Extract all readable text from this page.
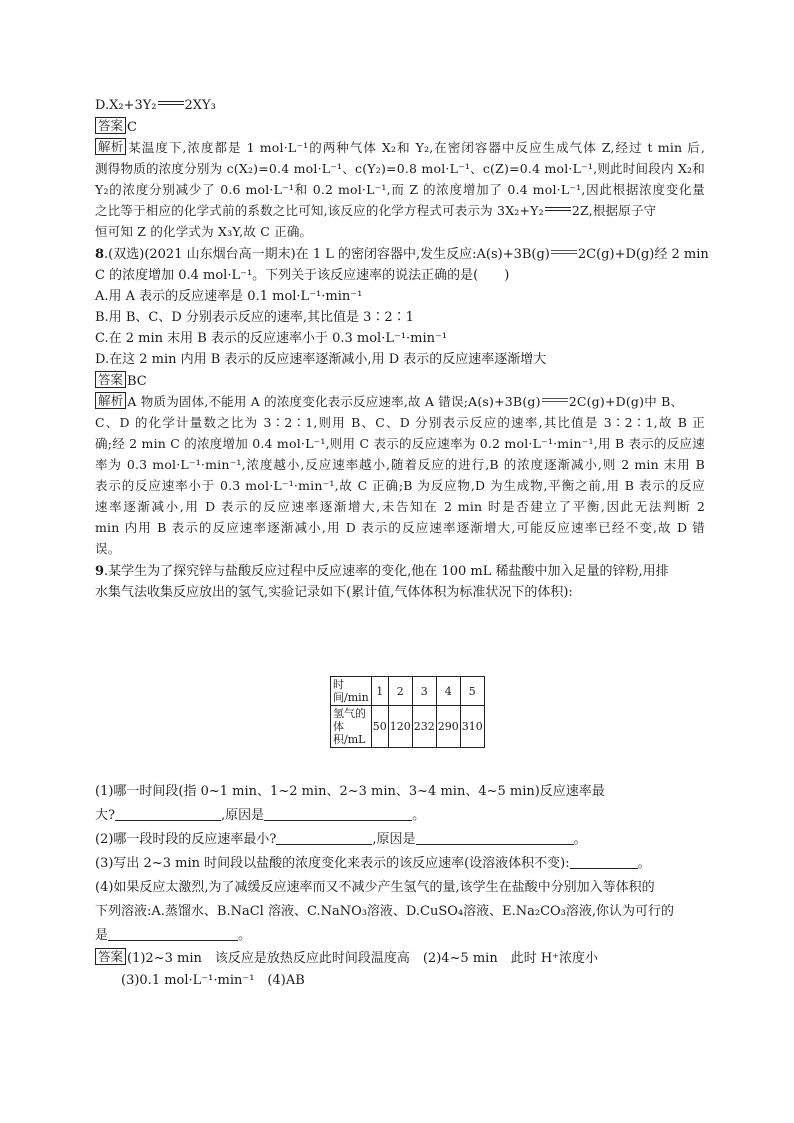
D.X₂+3Y₂ 2XY₃
答案 C
解析 某温度下,浓度都是 1 mol·L⁻¹的两种气体 X₂和 Y₂,在密闭容器中反应生成气体 Z,经过 t min 后,
测得物质的浓度分别为 c(X₂)=0.4 mol·L⁻¹、c(Y₂)=0.8 mol·L⁻¹、c(Z)=0.4 mol·L⁻¹,则此时间段内 X₂和
Y₂的浓度分别减少了 0.6 mol·L⁻¹和 0.2 mol·L⁻¹,而 Z 的浓度增加了 0.4 mol·L⁻¹,因此根据浓度变化量
之比等于相应的化学式前的系数之比可知,该反应的化学方程式可表示为 3X₂+Y₂ 2Z,根据原子守
恒可知 Z 的化学式为 X₃Y,故 C 正确。
8.(双选)(2021 山东烟台高一期末)在 1 L 的密闭容器中,发生反应:A(s)+3B(g) 2C(g)+D(g)经 2 min
C 的浓度增加 0.4 mol·L⁻¹。下列关于该反应速率的说法正确的是(　　)
A.用 A 表示的反应速率是 0.1 mol·L⁻¹·min⁻¹
B.用 B、C、D 分别表示反应的速率,其比值是 3∶2∶1
C.在 2 min 末用 B 表示的反应速率小于 0.3 mol·L⁻¹·min⁻¹
D.在这 2 min 内用 B 表示的反应速率逐渐减小,用 D 表示的反应速率逐渐增大
答案 BC
解析 A 物质为固体,不能用 A 的浓度变化表示反应速率,故 A 错误;A(s)+3B(g) 2C(g)+D(g)中 B、
C、D 的化学计量数之比为 3∶2∶1,则用 B、C、D 分别表示反应的速率,其比值是 3∶2∶1,故 B 正
确;经 2 min C 的浓度增加 0.4 mol·L⁻¹,则用 C 表示的反应速率为 0.2 mol·L⁻¹·min⁻¹,用 B 表示的反应速
率为 0.3 mol·L⁻¹·min⁻¹,浓度越小,反应速率越小,随着反应的进行,B 的浓度逐渐减小,则 2 min 末用 B
表示的反应速率小于 0.3 mol·L⁻¹·min⁻¹,故 C 正确;B 为反应物,D 为生成物,平衡之前,用 B 表示的反应
速率逐渐减小,用 D 表示的反应速率逐渐增大,未告知在 2 min 时是否建立了平衡,因此无法判断 2
min 内用 B 表示的反应速率逐渐减小,用 D 表示的反应速率逐渐增大,可能反应速率已经不变,故 D 错
误。
9.某学生为了探究锌与盐酸反应过程中反应速率的变化,他在 100 mL 稀盐酸中加入足量的锌粉,用排
水集气法收集反应放出的氢气,实验记录如下(累计值,气体体积为标准状况下的体积):
时间/min	1	2	3	4	5
氢气的体积/mL	50	120	232	290	310
(1)哪一时间段(指 0~1 min、1~2 min、2~3 min、3~4 min、4~5 min)反应速率最
大?	,原因是	。
(2)哪一段时段的反应速率最小?	,原因是	。
(3)写出 2~3 min 时间段以盐酸的浓度变化来表示的该反应速率(设溶液体积不变):	。
(4)如果反应太激烈,为了减缓反应速率而又不减少产生氢气的量,该学生在盐酸中分别加入等体积的
下列溶液:A.蒸馏水、B.NaCl 溶液、C.NaNO₃溶液、D.CuSO₄溶液、E.Na₂CO₃溶液,你认为可行的
是	。
答案 (1)2~3 min　该反应是放热反应此时间段温度高　(2)4~5 min　此时 H⁺浓度小
(3)0.1 mol·L⁻¹·min⁻¹　(4)AB
